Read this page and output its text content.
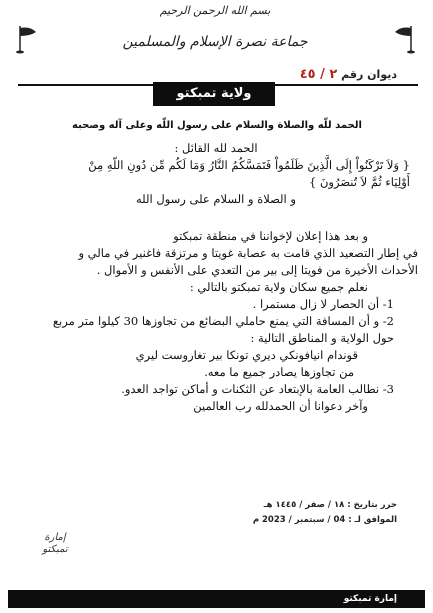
بسم الله الرحمن الرحيم
جماعة نصرة الإسلام والمسلمين
ديوان رقم ٢ / ٤٥
ولاية تمبكتو
الحمد للّه والصلاة والسلام على رسول اللّه وعلى آله وصحبه

الحمد لله القائل :

{ وَلاَ تَرْكَنُواْ إِلَى الَّذِينَ ظَلَمُواْ فَتَمَسَّكُمُ النَّارُ وَمَا لَكُم مِّن دُونِ اللّهِ مِنْ

أَوْلِيَاء ثُمَّ لاَ تُنصَرُونَ }

و الصلاة و السلام على رسول الله

و بعد هذا إعلان لإخواننا في منطقة تمبكتو

في إطار التصعيد الذي قامت به عصابة غويتا و مرتزقة فاغنير في مالي و

الأحداث الأخيرة من فويتا إلى بير من التعدي على الأنفس و الأموال .

نعلم جميع سكان ولاية تمبكتو بالتالي :

1- أن الحصار لا زال مستمرا .

2- و أن المسافة التي يمنع حاملي البضائع من تجاوزها 30 كيلوا متر مربع

حول الولاية و المناطق التالية :

قوندام انيافونكي ديري تونكا بير تغاروست ليري

من تجاوزها يصادر جميع ما معه.

3- نطالب العامة بالإبتعاد عن الثكنات و أماكن تواجد العدو.

وآخر دعوانا أن الحمدلله رب العالمين

حرر بتاريخ : ١٨ / صفر / ١٤٤٥ هـ
الموافق لـ : 04 / سبتمبر / 2023 م
إمارة تمبكتو
إمارة تمبكتو
